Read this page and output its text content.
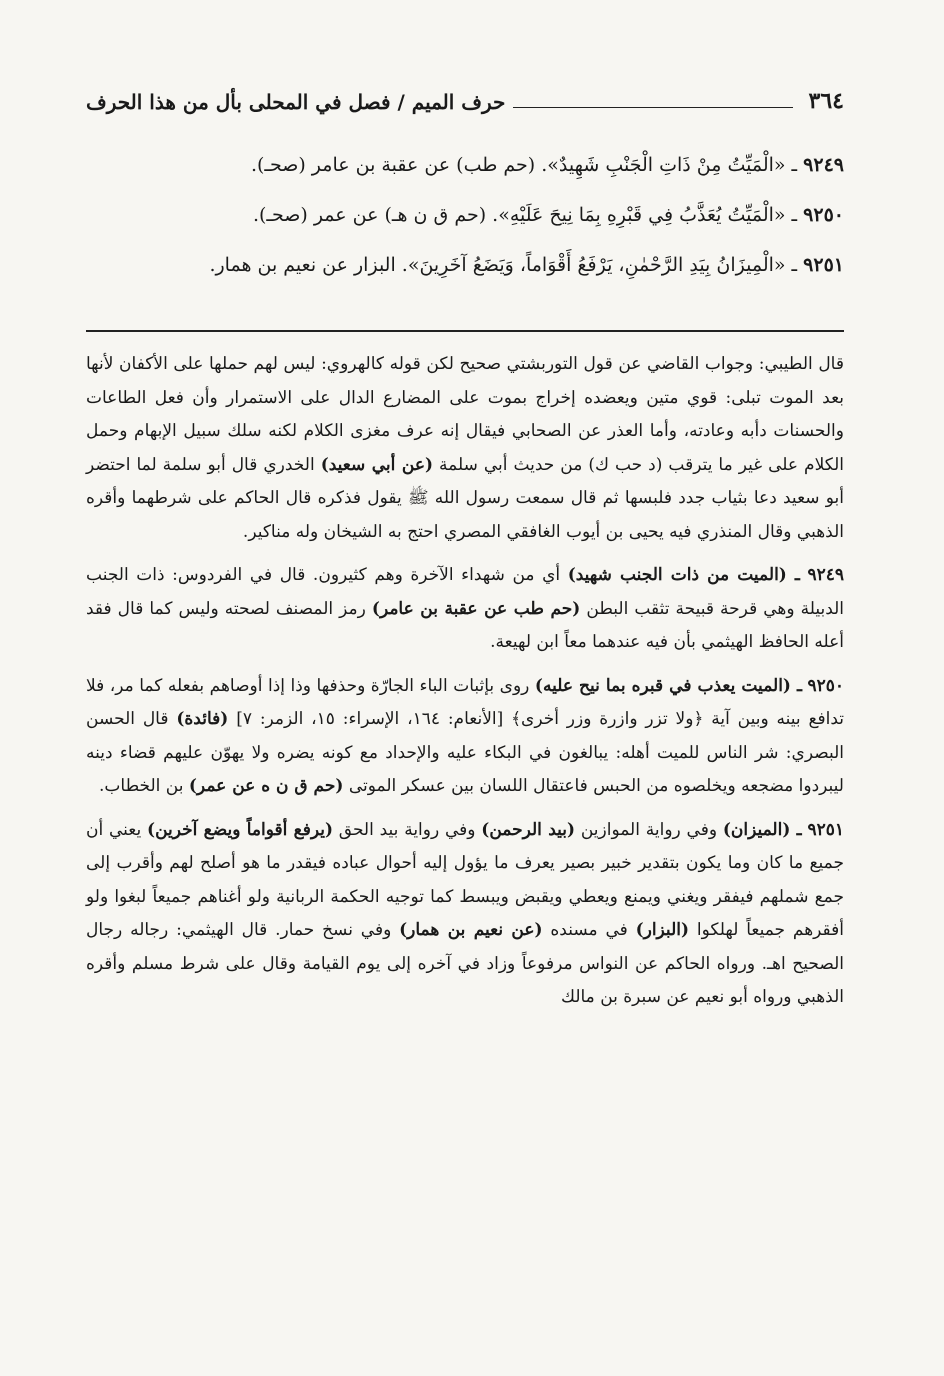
٣٦٤
حرف الميم / فصل في المحلى بأل من هذا الحرف

٩٢٤٩ ـ «الْمَيِّتُ مِنْ ذَاتِ الْجَنْبِ شَهِيدٌ». (حم طب) عن عقبة بن عامر (صحـ).

٩٢٥٠ ـ «الْمَيِّتُ يُعَذَّبُ فِي قَبْرِهِ بِمَا نِيحَ عَلَيْهِ». (حم ق ن هـ) عن عمر (صحـ).

٩٢٥١ ـ «الْمِيزَانُ بِيَدِ الرَّحْمٰنِ، يَرْفَعُ أَقْوَاماً، وَيَضَعُ آخَرِينَ». البزار عن نعيم بن همار.

قال الطيبي: وجواب القاضي عن قول التوربشتي صحيح لكن قوله كالهروي: ليس لهم حملها على الأكفان لأنها بعد الموت تبلى: قوي متين ويعضده إخراج بموت على المضارع الدال على الاستمرار وأن فعل الطاعات والحسنات دأبه وعادته، وأما العذر عن الصحابي فيقال إنه عرف مغزى الكلام لكنه سلك سبيل الإبهام وحمل الكلام على غير ما يترقب (د حب ك) من حديث أبي سلمة (عن أبي سعيد) الخدري قال أبو سلمة لما احتضر أبو سعيد دعا بثياب جدد فلبسها ثم قال سمعت رسول الله ﷺ يقول فذكره قال الحاكم على شرطهما وأقره الذهبي وقال المنذري فيه يحيى بن أيوب الغافقي المصري احتج به الشيخان وله مناكير.

٩٢٤٩ ـ (الميت من ذات الجنب شهيد) أي من شهداء الآخرة وهم كثيرون. قال في الفردوس: ذات الجنب الدبيلة وهي قرحة قبيحة تثقب البطن (حم طب عن عقبة بن عامر) رمز المصنف لصحته وليس كما قال فقد أعله الحافظ الهيثمي بأن فيه عندهما معاً ابن لهيعة.

٩٢٥٠ ـ (الميت يعذب في قبره بما نيح عليه) روى بإثبات الباء الجارّة وحذفها وذا إذا أوصاهم بفعله كما مر، فلا تدافع بينه وبين آية ﴿ولا تزر وازرة وزر أخرى﴾ [الأنعام: ١٦٤، الإسراء: ١٥، الزمر: ٧] (فائدة) قال الحسن البصري: شر الناس للميت أهله: يبالغون في البكاء عليه والإحداد مع كونه يضره ولا يهوّن عليهم قضاء دينه ليبردوا مضجعه ويخلصوه من الحبس فاعتقال اللسان بين عسكر الموتى (حم ق ن ه عن عمر) بن الخطاب.

٩٢٥١ ـ (الميزان) وفي رواية الموازين (بيد الرحمن) وفي رواية بيد الحق (يرفع أقواماً ويضع آخرين) يعني أن جميع ما كان وما يكون بتقدير خبير بصير يعرف ما يؤول إليه أحوال عباده فيقدر ما هو أصلح لهم وأقرب إلى جمع شملهم فيفقر ويغني ويمنع ويعطي ويقبض ويبسط كما توجيه الحكمة الربانية ولو أغناهم جميعاً لبغوا ولو أفقرهم جميعاً لهلكوا (البزار) في مسنده (عن نعيم بن همار) وفي نسخ حمار. قال الهيثمي: رجاله رجال الصحيح اهـ. ورواه الحاكم عن النواس مرفوعاً وزاد في آخره إلى يوم القيامة وقال على شرط مسلم وأقره الذهبي ورواه أبو نعيم عن سبرة بن مالك
